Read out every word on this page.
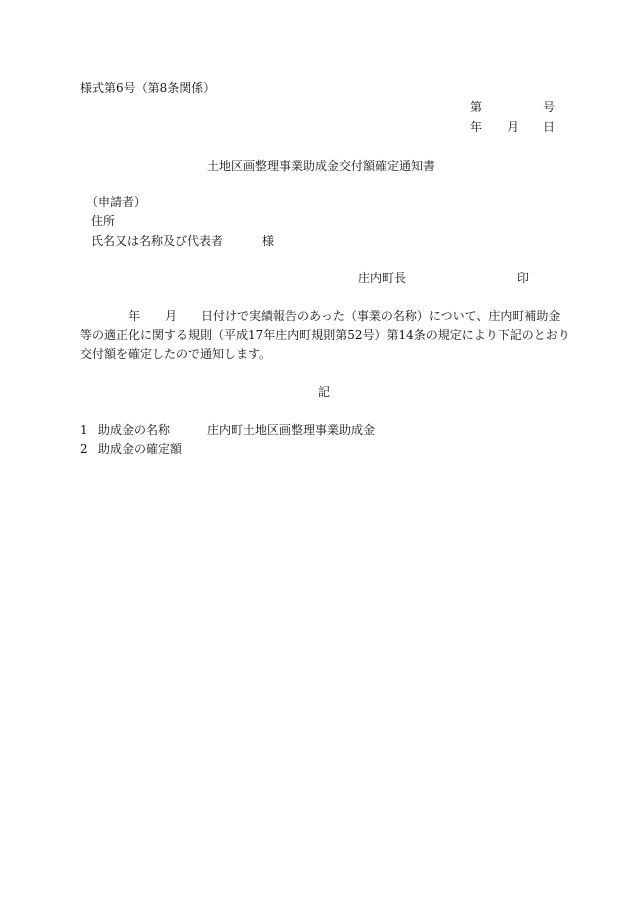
様式第6号（第8条関係）
第	号
年 月 日
土地区画整理事業助成金交付額確定通知書
（申請者）
住所
氏名又は名称及び代表者	様
庄内町長	印
年 月 日付けで実績報告のあった（事業の名称）について、庄内町補助金
等の適正化に関する規則（平成17年庄内町規則第52号）第14条の規定により下記のとおり
交付額を確定したので通知します。
記
1 助成金の名称	庄内町土地区画整理事業助成金
2 助成金の確定額
